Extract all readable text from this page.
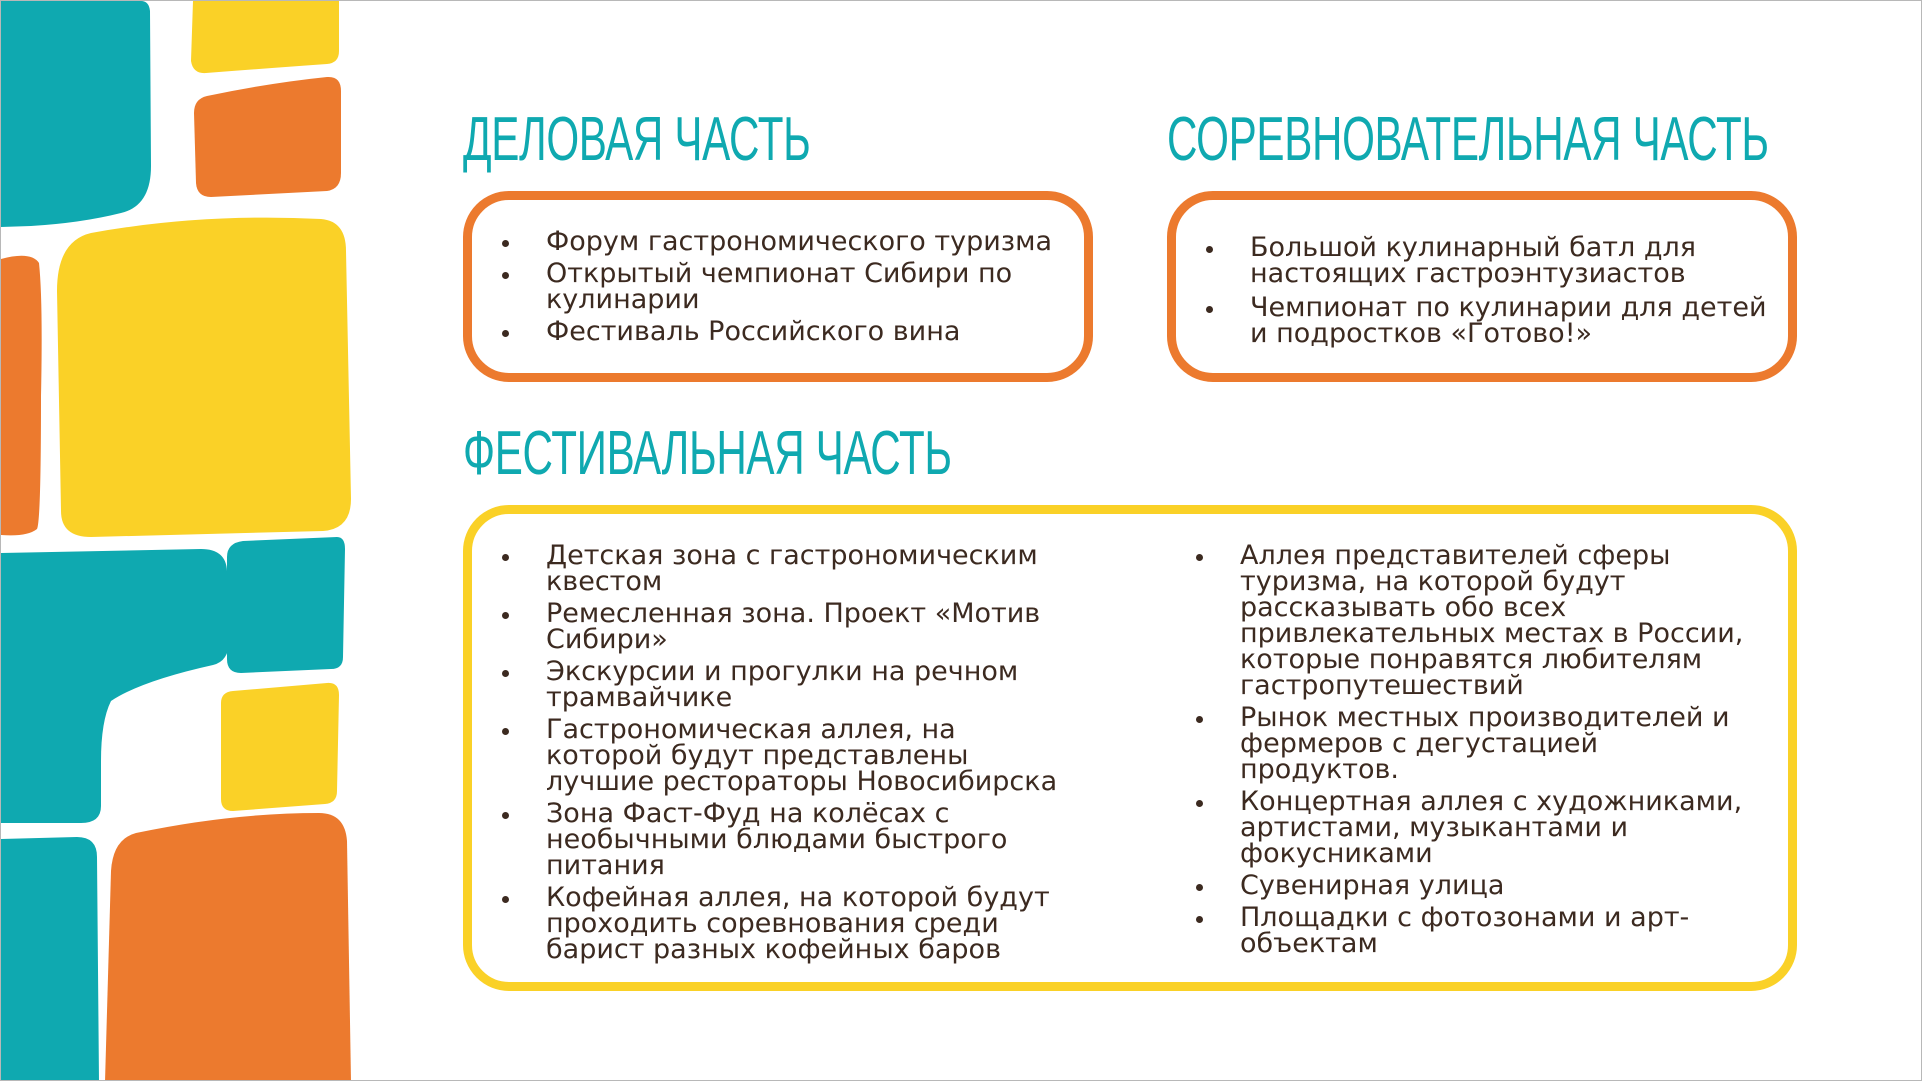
ДЕЛОВАЯ ЧАСТЬ
Форум гастрономического туризма
Открытый чемпионат Сибири по кулинарии
Фестиваль Российского вина
СОРЕВНОВАТЕЛЬНАЯ ЧАСТЬ
Большой кулинарный батл для настоящих гастроэнтузиастов
Чемпионат по кулинарии для детей и подростков «Готово!»
ФЕСТИВАЛЬНАЯ ЧАСТЬ
Детская зона с гастрономическим квестом
Ремесленная зона. Проект «Мотив Сибири»
Экскурсии и прогулки на речном трамвайчике
Гастрономическая аллея, на которой будут представлены лучшие рестораторы Новосибирска
Зона Фаст-Фуд на колёсах с необычными блюдами быстрого питания
Кофейная аллея, на которой будут проходить соревнования среди барист разных кофейных баров
Аллея представителей сферы туризма, на которой будут рассказывать обо всех привлекательных местах в России, которые понравятся любителям гастропутешествий
Рынок местных производителей и фермеров с дегустацией продуктов.
Концертная аллея с художниками, артистами, музыкантами и фокусниками
Сувенирная улица
Площадки с фотозонами и арт-объектам
